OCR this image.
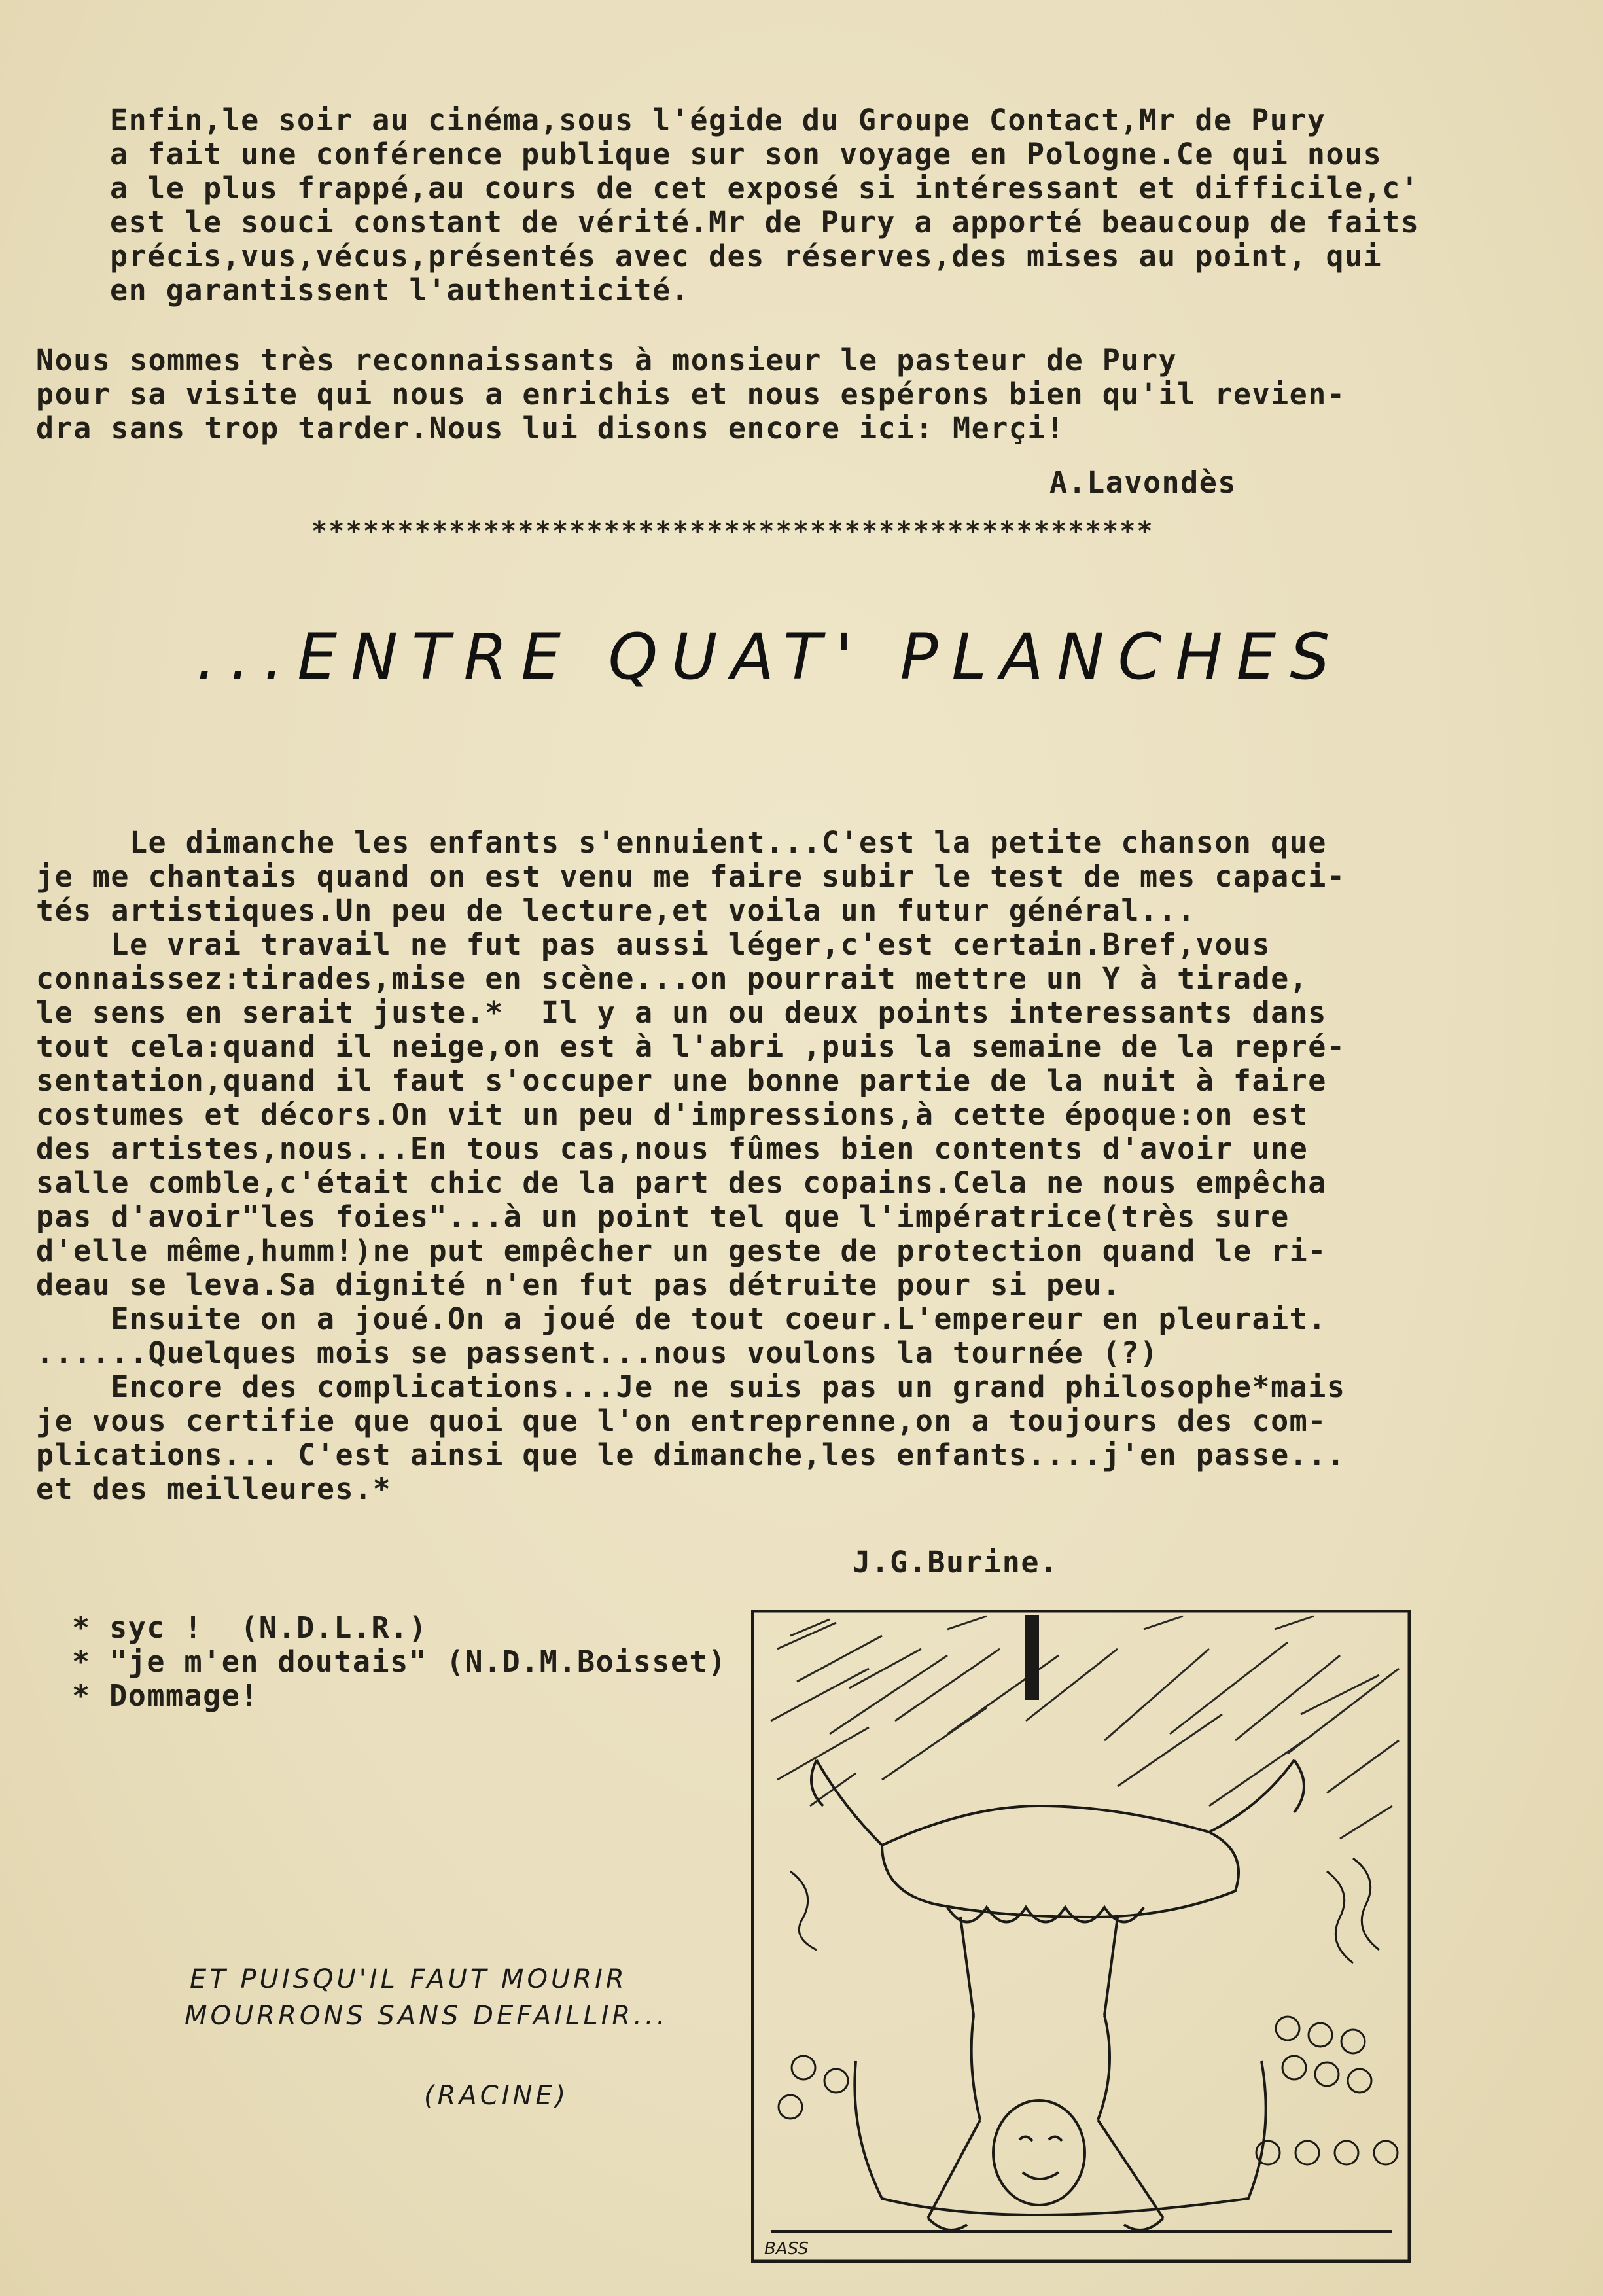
Enfin,le soir au cinéma,sous l'égide du Groupe Contact,Mr de Pury
a fait une conférence publique sur son voyage en Pologne.Ce qui nous
a le plus frappé,au cours de cet exposé si intéressant et difficile,c'
est le souci constant de vérité.Mr de Pury a apporté beaucoup de faits
précis,vus,vécus,présentés avec des réserves,des mises au point, qui
en garantissent l'authenticité.
Nous sommes très reconnaissants à monsieur le pasteur de Pury
pour sa visite qui nous a enrichis et nous espérons bien qu'il revien-
dra sans trop tarder.Nous lui disons encore ici: Merçi!
A.Lavondès
*************************************************
...ENTRE QUAT' PLANCHES
Le dimanche les enfants s'ennuient...C'est la petite chanson que
je me chantais quand on est venu me faire subir le test de mes capaci-
tés artistiques.Un peu de lecture,et voila un futur général...
Le vrai travail ne fut pas aussi léger,c'est certain.Bref,vous
connaissez:tirades,mise en scène...on pourrait mettre un Y à tirade,
le sens en serait juste.*  Il y a un ou deux points interessants dans
tout cela:quand il neige,on est à l'abri ,puis la semaine de la repré-
sentation,quand il faut s'occuper une bonne partie de la nuit à faire
costumes et décors.On vit un peu d'impressions,à cette époque:on est
des artistes,nous...En tous cas,nous fûmes bien contents d'avoir une
salle comble,c'était chic de la part des copains.Cela ne nous empêcha
pas d'avoir"les foies"...à un point tel que l'impératrice(très sure
d'elle même,humm!)ne put empêcher un geste de protection quand le ri-
deau se leva.Sa dignité n'en fut pas détruite pour si peu.
Ensuite on a joué.On a joué de tout coeur.L'empereur en pleurait.
......Quelques mois se passent...nous voulons la tournée (?)
Encore des complications...Je ne suis pas un grand philosophe*mais
je vous certifie que quoi que l'on entreprenne,on a toujours des com-
plications... C'est ainsi que le dimanche,les enfants....j'en passe...
et des meilleures.*
J.G.Burine.
* syc !  (N.D.L.R.)
* "je m'en doutais" (N.D.M.Boisset)
* Dommage!
ET PUISQU'IL FAUT MOURIR
MOURRONS SANS DEFAILLIR...
(RACINE)
BASS
